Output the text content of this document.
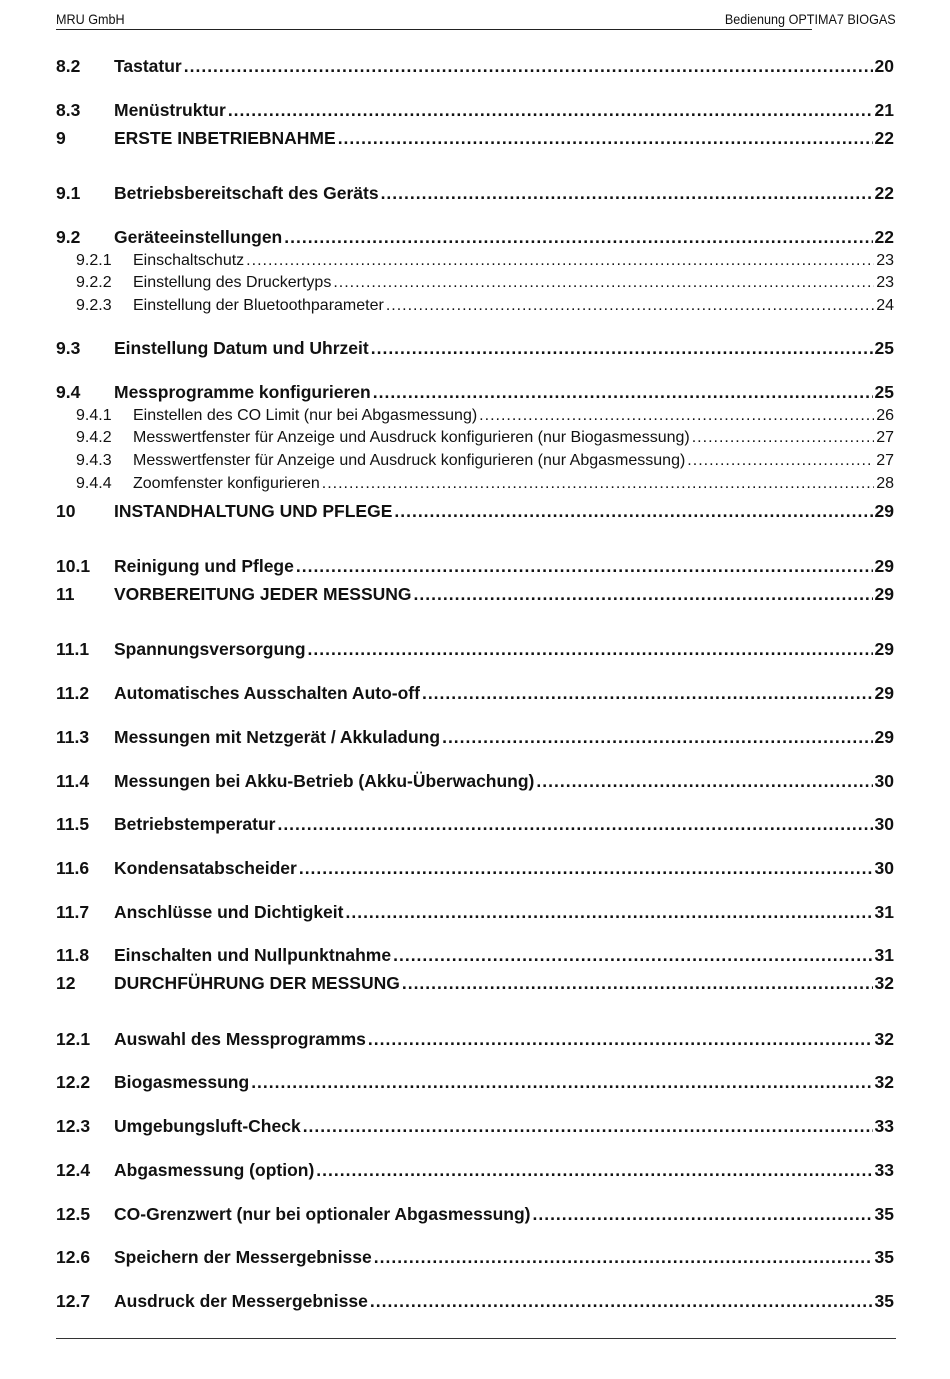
MRU GmbH	Bedienung OPTIMA7 BIOGAS
8.2	Tastatur .....	20
8.3	Menüstruktur .....	21
9	ERSTE INBETRIEBNAHME .....	22
9.1	Betriebsbereitschaft des Geräts .....	22
9.2	Geräteeinstellungen .....	22
9.2.1	Einschaltschutz .....	23
9.2.2	Einstellung des Druckertyps .....	23
9.2.3	Einstellung der Bluetoothparameter .....	24
9.3	Einstellung Datum und Uhrzeit .....	25
9.4	Messprogramme konfigurieren .....	25
9.4.1	Einstellen des CO Limit (nur bei Abgasmessung) .....	26
9.4.2	Messwertfenster für Anzeige und Ausdruck konfigurieren (nur Biogasmessung) .....	27
9.4.3	Messwertfenster für Anzeige und Ausdruck konfigurieren (nur Abgasmessung) .....	27
9.4.4	Zoomfenster konfigurieren .....	28
10	INSTANDHALTUNG UND PFLEGE .....	29
10.1	Reinigung und Pflege .....	29
11	VORBEREITUNG JEDER MESSUNG .....	29
11.1	Spannungsversorgung .....	29
11.2	Automatisches Ausschalten Auto-off .....	29
11.3	Messungen mit Netzgerät / Akkuladung .....	29
11.4	Messungen bei Akku-Betrieb (Akku-Überwachung) .....	30
11.5	Betriebstemperatur .....	30
11.6	Kondensatabscheider .....	30
11.7	Anschlüsse und Dichtigkeit .....	31
11.8	Einschalten und Nullpunktnahme .....	31
12	DURCHFÜHRUNG DER MESSUNG .....	32
12.1	Auswahl des Messprogramms .....	32
12.2	Biogasmessung .....	32
12.3	Umgebungsluft-Check .....	33
12.4	Abgasmessung (option) .....	33
12.5	CO-Grenzwert (nur bei optionaler Abgasmessung) .....	35
12.6	Speichern der Messergebnisse .....	35
12.7	Ausdruck der Messergebnisse .....	35
